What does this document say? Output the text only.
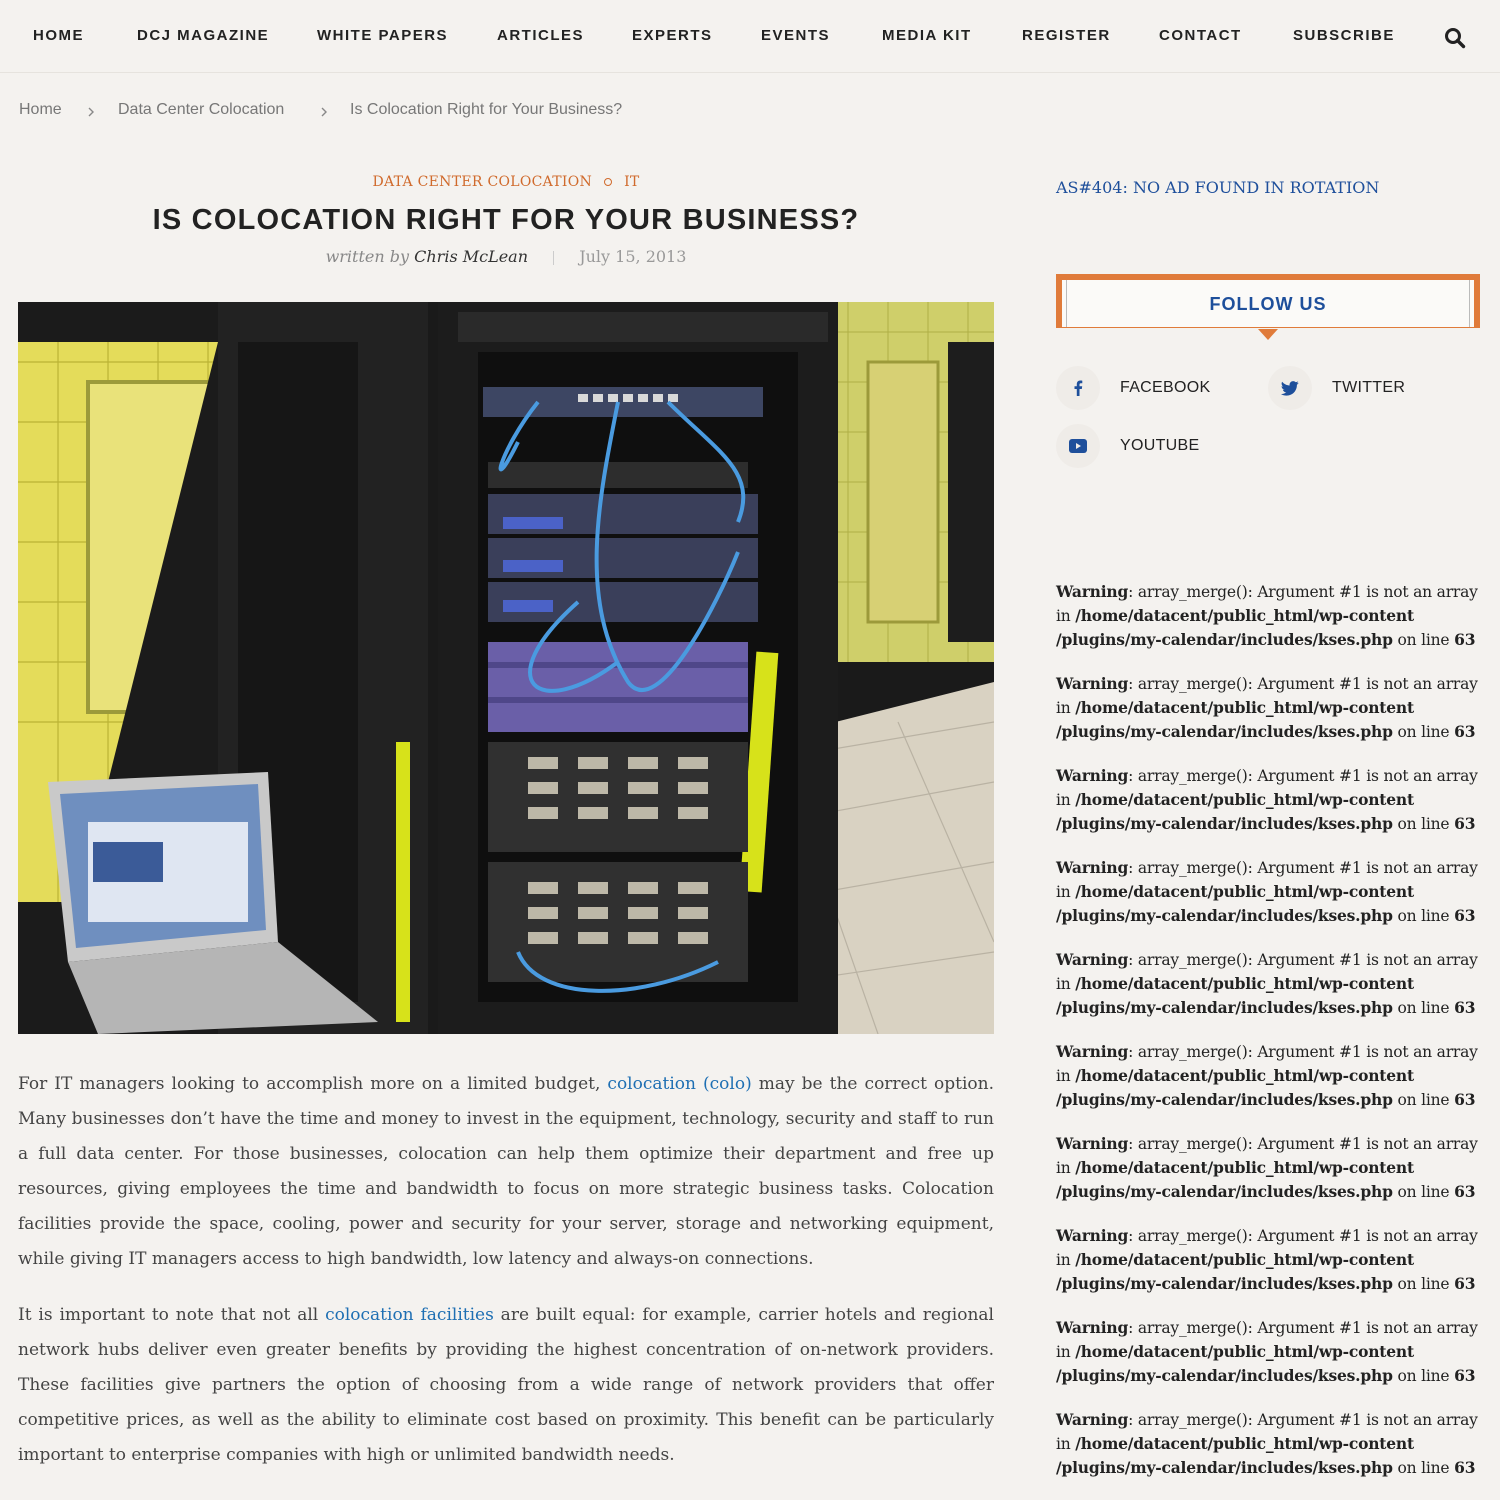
HOME	DCJ MAGAZINE	WHITE PAPERS	ARTICLES	EXPERTS	EVENTS	MEDIA KIT	REGISTER	CONTACT	SUBSCRIBE
Home	Data Center Colocation	Is Colocation Right for Your Business?
DATA CENTER COLOCATION IT
IS COLOCATION RIGHT FOR YOUR BUSINESS?
written by Chris McLean	July 15, 2013

For IT managers looking to accomplish more on a limited budget, colocation (colo) may be the correct option. Many businesses don’t have the time and money to invest in the equipment, technology, security and staff to run a full data center. For those businesses, colocation can help them optimize their department and free up resources, giving employees the time and bandwidth to focus on more strategic business tasks. Colocation facilities provide the space, cooling, power and security for your server, storage and networking equipment, while giving IT managers access to high bandwidth, low latency and always-on connections.

It is important to note that not all colocation facilities are built equal: for example, carrier hotels and regional network hubs deliver even greater benefits by providing the highest concentration of on-network providers. These facilities give partners the option of choosing from a wide range of network providers that offer competitive prices, as well as the ability to eliminate cost based on proximity. This benefit can be particularly important to enterprise companies with high or unlimited bandwidth needs.

AS#404: NO AD FOUND IN ROTATION
FOLLOW US
FACEBOOK	TWITTER
YOUTUBE

Warning: array_merge(): Argument #1 is not an array in /home/datacent/public_html/wp-content
/plugins/my-calendar/includes/kses.php on line 63

Warning: array_merge(): Argument #1 is not an array in /home/datacent/public_html/wp-content
/plugins/my-calendar/includes/kses.php on line 63

Warning: array_merge(): Argument #1 is not an array in /home/datacent/public_html/wp-content
/plugins/my-calendar/includes/kses.php on line 63

Warning: array_merge(): Argument #1 is not an array in /home/datacent/public_html/wp-content
/plugins/my-calendar/includes/kses.php on line 63

Warning: array_merge(): Argument #1 is not an array in /home/datacent/public_html/wp-content
/plugins/my-calendar/includes/kses.php on line 63

Warning: array_merge(): Argument #1 is not an array in /home/datacent/public_html/wp-content
/plugins/my-calendar/includes/kses.php on line 63

Warning: array_merge(): Argument #1 is not an array in /home/datacent/public_html/wp-content
/plugins/my-calendar/includes/kses.php on line 63

Warning: array_merge(): Argument #1 is not an array in /home/datacent/public_html/wp-content
/plugins/my-calendar/includes/kses.php on line 63

Warning: array_merge(): Argument #1 is not an array in /home/datacent/public_html/wp-content
/plugins/my-calendar/includes/kses.php on line 63

Warning: array_merge(): Argument #1 is not an array in /home/datacent/public_html/wp-content
/plugins/my-calendar/includes/kses.php on line 63
